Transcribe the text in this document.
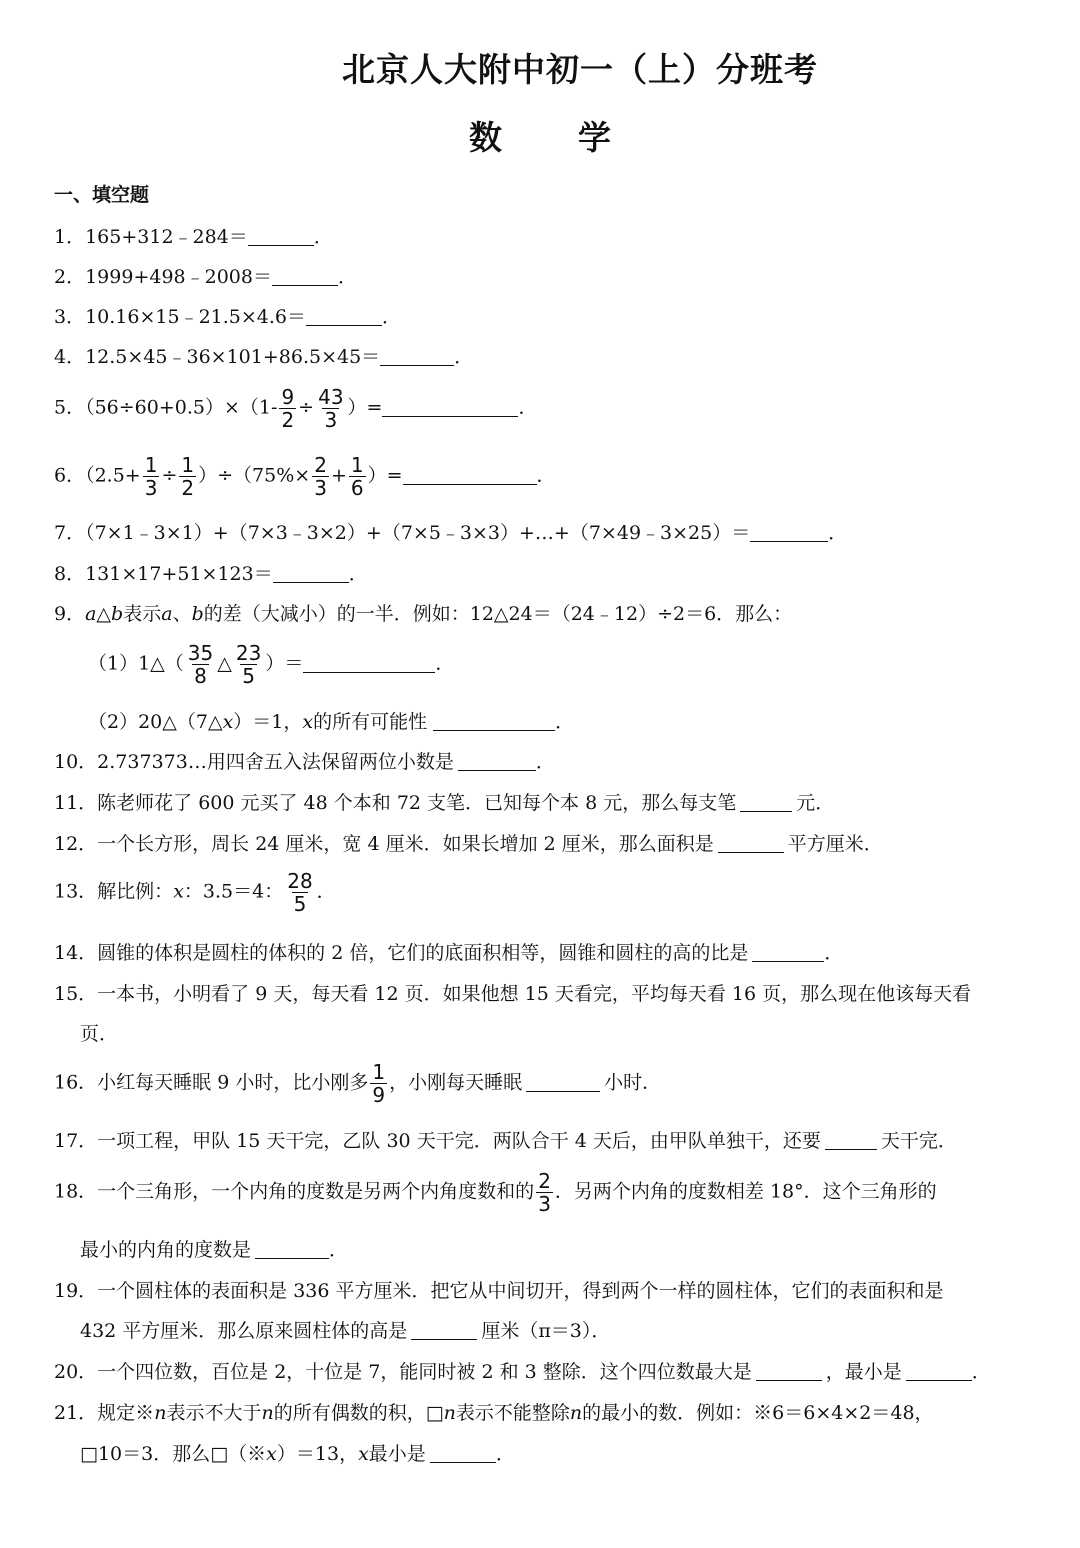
北京人大附中初一（上）分班考
数 学
一、填空题
1．165+312﹣284＝	．
2．1999+498﹣2008＝	．
3．10.16×15﹣21.5×4.6＝	．
4．12.5×45﹣36×101+86.5×45＝	．
5．$(56\div 60+0.5)\times(1- \frac{9}{2} \div \frac{43}{3}$ ）=	．
6．$(2.5+ \frac{1}{3} \div \frac{1}{2} )\div(75\%\times \frac{2}{3} + \frac{1}{6}$ ）=	．
7．（7×1﹣3×1）+（7×3﹣3×2）+（7×5﹣3×3）+…+（7×49﹣3×25）＝	．
8．131×17+51×123＝	．
9．a△b表示a、b的差（大减小）的一半．例如：12△24＝（24﹣12）÷2＝6．那么：
（1）1△（ $\frac{35}{8}$ △ $\frac{23}{5}$ ）＝	．
（2）20△（7△x）＝1，x的所有可能性	．
10．2.737373…用四舍五入法保留两位小数是	．
11．陈老师花了 600 元买了 48 个本和 72 支笔．已知每个本 8 元，那么每支笔	元．
12．一个长方形，周长 24 厘米，宽 4 厘米．如果长增加 2 厘米，那么面积是	平方厘米．
13．解比例：x：3.5＝4： $\frac{28}{5}$ ．
14．圆锥的体积是圆柱的体积的 2 倍，它们的底面积相等，圆锥和圆柱的高的比是	．
15．一本书，小明看了 9 天，每天看 12 页．如果他想 15 天看完，平均每天看 16 页，那么现在他该每天看
页．
16．小红每天睡眠 9 小时，比小刚多 $\frac{1}{9}$ ，小刚每天睡眠	小时．
17．一项工程，甲队 15 天干完，乙队 30 天干完．两队合干 4 天后，由甲队单独干，还要	天干完．
18．一个三角形，一个内角的度数是另两个内角度数和的 $\frac{2}{3}$ ．另两个内角的度数相差 18°．这个三角形的
最小的内角的度数是	．
19．一个圆柱体的表面积是 336 平方厘米．把它从中间切开，得到两个一样的圆柱体，它们的表面积和是
432 平方厘米．那么原来圆柱体的高是	厘米（π＝3）．
20．一个四位数，百位是 2，十位是 7，能同时被 2 和 3 整除．这个四位数最大是	，最小是	．
21．规定※n表示不大于n的所有偶数的积，□n表示不能整除n的最小的数．例如：※6＝6×4×2＝48，
□10＝3．那么□（※x）＝13，x最小是	．
